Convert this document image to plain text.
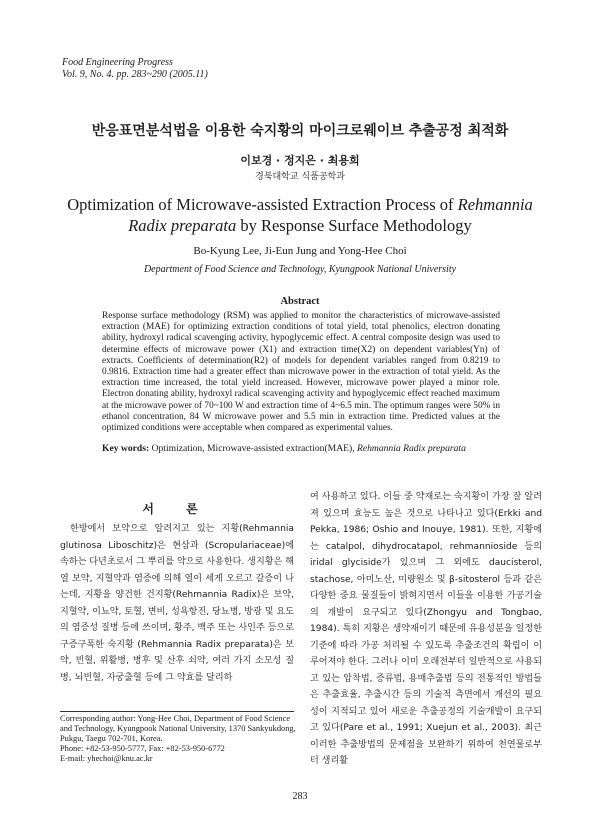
Food Engineering Progress
Vol. 9, No. 4. pp. 283~290 (2005.11)
반응표면분석법을 이용한 숙지황의 마이크로웨이브 추출공정 최적화
이보경 · 정지은 · 최용희
경북대학교 식품공학과
Optimization of Microwave-assisted Extraction Process of Rehmannia Radix preparata by Response Surface Methodology
Bo-Kyung Lee, Ji-Eun Jung and Yong-Hee Choi
Department of Food Science and Technology, Kyungpook National University
Abstract
Response surface methodology (RSM) was applied to monitor the characteristics of microwave-assisted extraction (MAE) for optimizing extraction conditions of total yield, total phenolics, electron donating ability, hydroxyl radical scavenging activity, hypoglycemic effect. A central composite design was used to determine effects of microwave power (X1) and extraction time(X2) on dependent variables(Yn) of extracts. Coefficients of determination(R2) of models for dependent variables ranged from 0.8219 to 0.9816. Extraction time had a greater effect than microwave power in the extraction of total yield. As the extraction time increased, the total yield increased. However, microwave power played a minor role. Electron donating ability, hydroxyl radical scavenging activity and hypoglycemic effect reached maximum at the microwave power of 70~100 W and extraction time of 4~6.5 min. The optimum ranges were 50% in ethanol concentration, 84 W microwave power and 5.5 min in extraction time. Predicted values at the optimized conditions were acceptable when compared as experimental values.
Key words: Optimization, Microwave-assisted extraction(MAE), Rehmannia Radix preparata
서 론
한방에서 보약으로 알려지고 있는 지황(Rehmannia glutinosa Liboschitz)은 현삼과 (Scropulariaceae)에 속하는 다년초로서 그 뿌리를 약으로 사용한다. 생지황은 해열 보약, 지혈약과 염증에 의해 열이 세게 오르고 갈증이 나는데, 지황을 양건한 건지황(Rehmannia Radix)은 보약, 지혈약, 이뇨약, 토혈, 변비, 성욕항진, 당뇨병, 방광 및 요도의 염증성 질병 등에 쓰이며, 황주, 백주 또는 사인주 등으로 구증구폭한 숙지황 (Rehmannia Radix preparata)은 보약, 빈혈, 위활병, 병후 및 산후 쇠약, 여러 가지 소모성 질병, 뇌빈혈, 자궁출혈 등에 그 약효를 달리하
여 사용하고 있다. 이들 중 약재로는 숙지황이 가장 잘 알려져 있으며 효능도 높은 것으로 나타나고 있다(Erkki and Pekka, 1986; Oshio and Inouye, 1981). 또한, 지황에는 catalpol, dihydrocatapol, rehmannioside 등의 iridal glyciside가 있으며 그 외에도 daucisterol, stachose, 아미노산, 미량원소 및 β-sitosterol 등과 같은 다양한 중요 물질들이 밝혀지면서 이들을 이용한 가공기술의 개발이 요구되고 있다(Zhongyu and Tongbao, 1984). 특히 지황은 생약재이기 때문에 유용성분을 일정한 기준에 따라 가공 처리될 수 있도록 추출조건의 확립이 이루어져야 한다. 그러나 이미 오래전부터 일반적으로 사용되고 있는 압착법, 증류법, 용매추출법 등의 전통적인 방법들은 추출효율, 추출시간 등의 기술적 측면에서 개선의 필요성이 지적되고 있어 새로운 추출공정의 기술개발이 요구되고 있다(Pare et al., 1991; Xuejun et al., 2003). 최근 이러한 추출방법의 문제점을 보완하기 위하여 천연물로부터 생리활
Corresponding author: Yong-Hee Choi, Department of Food Science and Technology, Kyungpook National University, 1370 Sankyukdong, Pukgu, Taegu 702-701, Korea.
Phone: +82-53-950-5777, Fax: +82-53-950-6772
E-mail: yhechoi@knu.ac.kr
283
